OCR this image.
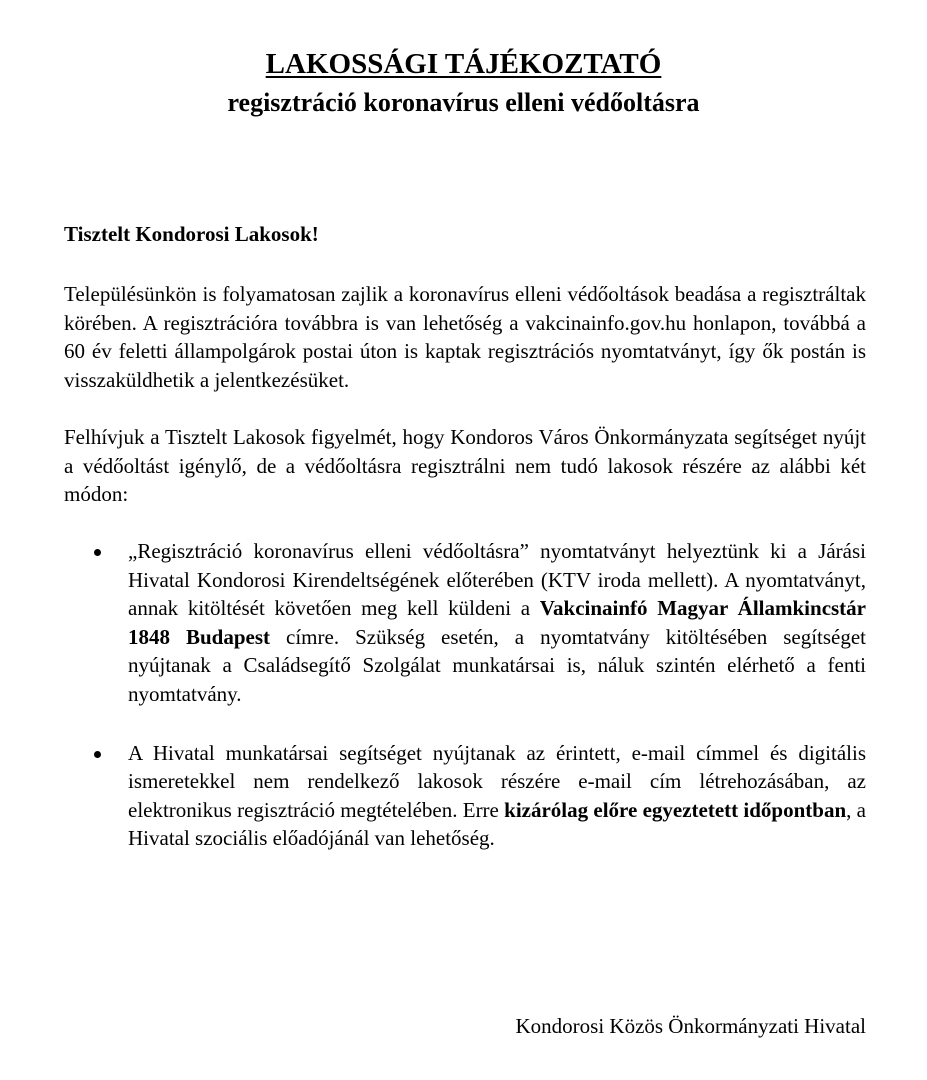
LAKOSSÁGI TÁJÉKOZTATÓ
regisztráció koronavírus elleni védőoltásra
Tisztelt Kondorosi Lakosok!

Településünkön is folyamatosan zajlik a koronavírus elleni védőoltások beadása a regisztráltak körében. A regisztrációra továbbra is van lehetőség a vakcinainfo.gov.hu honlapon, továbbá a 60 év feletti állampolgárok postai úton is kaptak regisztrációs nyomtatványt, így ők postán is visszaküldhetik a jelentkezésüket.

Felhívjuk a Tisztelt Lakosok figyelmét, hogy Kondoros Város Önkormányzata segítséget nyújt a védőoltást igénylő, de a védőoltásra regisztrálni nem tudó lakosok részére az alábbi két módon:

„Regisztráció koronavírus elleni védőoltásra” nyomtatványt helyeztünk ki a Járási Hivatal Kondorosi Kirendeltségének előterében (KTV iroda mellett). A nyomtatványt, annak kitöltését követően meg kell küldeni a Vakcinainfó Magyar Államkincstár 1848 Budapest címre. Szükség esetén, a nyomtatvány kitöltésében segítséget nyújtanak a Családsegítő Szolgálat munkatársai is, náluk szintén elérhető a fenti nyomtatvány.
A Hivatal munkatársai segítséget nyújtanak az érintett, e-mail címmel és digitális ismeretekkel nem rendelkező lakosok részére e-mail cím létrehozásában, az elektronikus regisztráció megtételében. Erre kizárólag előre egyeztetett időpontban, a Hivatal szociális előadójánál van lehetőség.
Kondorosi Közös Önkormányzati Hivatal
